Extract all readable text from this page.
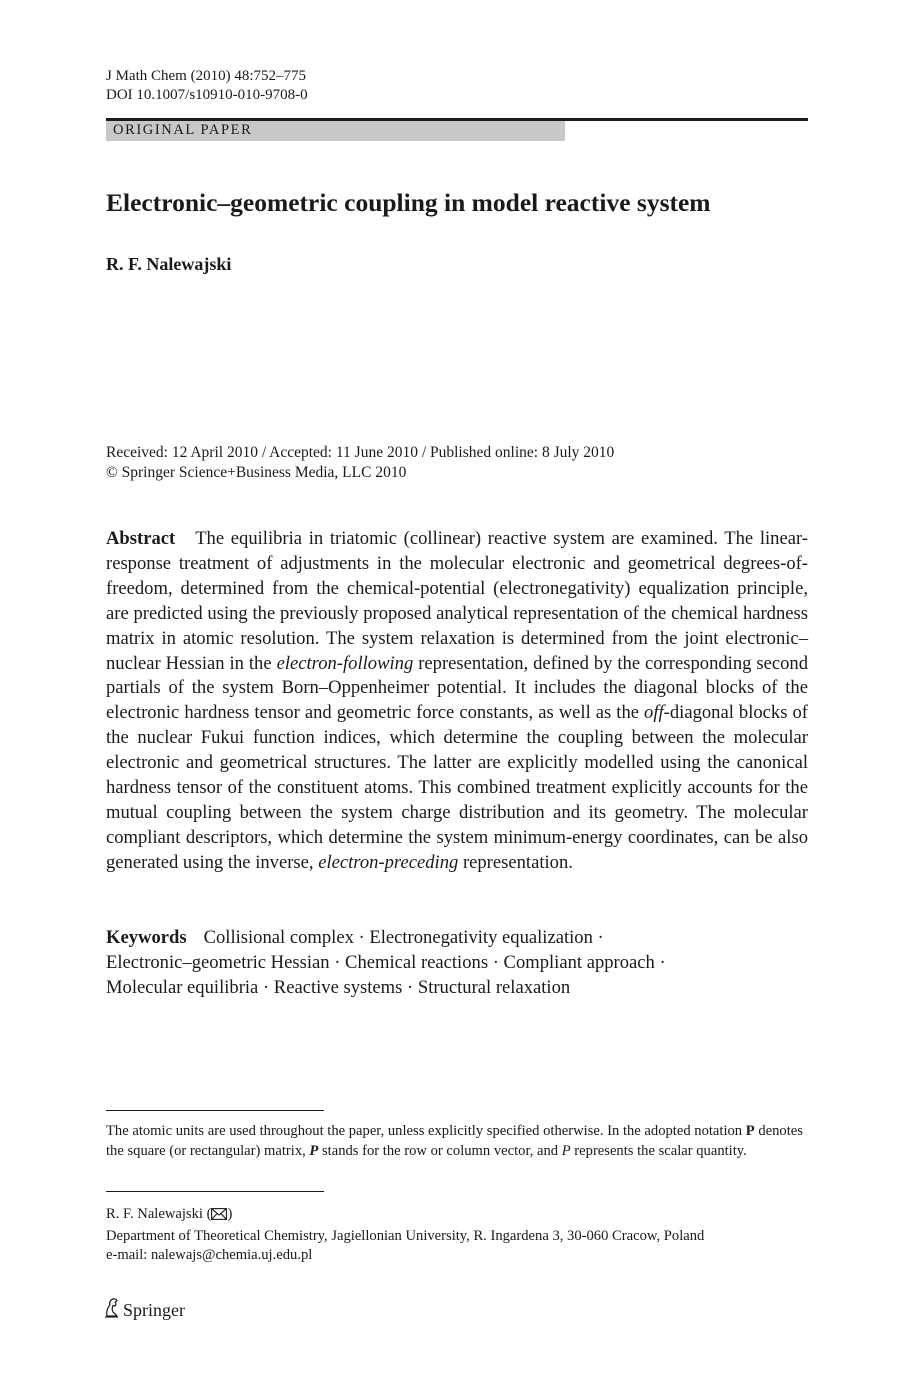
J Math Chem (2010) 48:752–775
DOI 10.1007/s10910-010-9708-0
ORIGINAL PAPER
Electronic–geometric coupling in model reactive system
R. F. Nalewajski
Received: 12 April 2010 / Accepted: 11 June 2010 / Published online: 8 July 2010
© Springer Science+Business Media, LLC 2010

Abstract The equilibria in triatomic (collinear) reactive system are examined. The linear-response treatment of adjustments in the molecular electronic and geometrical degrees-of-freedom, determined from the chemical-potential (electronegativity) equalization principle, are predicted using the previously proposed analytical representation of the chemical hardness matrix in atomic resolution. The system relaxation is determined from the joint electronic–nuclear Hessian in the electron-following representation, defined by the corresponding second partials of the system Born–Oppenheimer potential. It includes the diagonal blocks of the electronic hardness tensor and geometric force constants, as well as the off-diagonal blocks of the nuclear Fukui function indices, which determine the coupling between the molecular electronic and geometrical structures. The latter are explicitly modelled using the canonical hardness tensor of the constituent atoms. This combined treatment explicitly accounts for the mutual coupling between the system charge distribution and its geometry. The molecular compliant descriptors, which determine the system minimum-energy coordinates, can be also generated using the inverse, electron-preceding representation.

Keywords Collisional complex · Electronegativity equalization ·
Electronic–geometric Hessian · Chemical reactions · Compliant approach ·
Molecular equilibria · Reactive systems · Structural relaxation

The atomic units are used throughout the paper, unless explicitly specified otherwise. In the adopted notation P denotes the square (or rectangular) matrix, P stands for the row or column vector, and P represents the scalar quantity.

R. F. Nalewajski ( )
Department of Theoretical Chemistry, Jagiellonian University, R. Ingardena 3, 30-060 Cracow, Poland
e-mail: nalewajs@chemia.uj.edu.pl
Springer
